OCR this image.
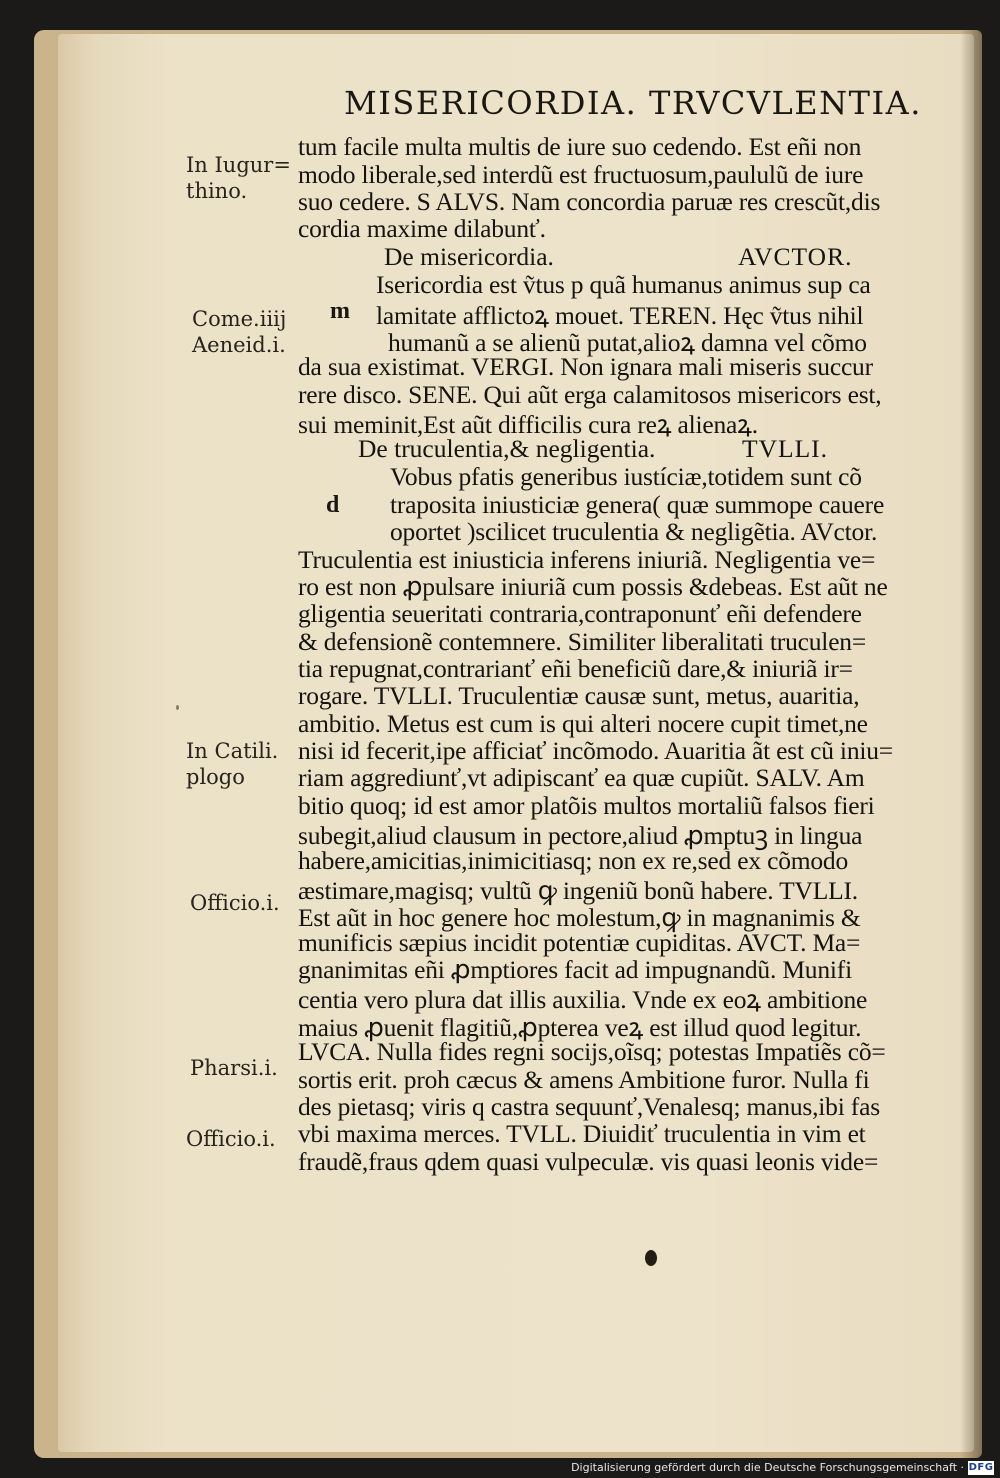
MISERICORDIA. TRVCVLENTIA.
In Iugur=
thino.
Come.iiij
Aeneid.i.
In Catili.
plogo
Officio.i.
Pharsi.i.
Officio.i.
tum facile multa multis de iure suo cedendo. Est eñi non
modo liberale,sed interdũ est fructuosum,paululũ de iure
suo cedere. S ALVS. Nam concordia paruæ res crescũt,dis
cordia maxime dilabunť.
De misericordia.	AVCTOR.
m
Isericordia est ṽtus p quã humanus animus sup ca
lamitate afflictoꝝ mouet. TEREN. Hęc ṽtus nihil
humanũ a se alienũ putat,alioꝝ damna vel cõmo
da sua existimat. VERGI. Non ignara mali miseris succur
rere disco. SENE. Qui aũt erga calamitosos misericors est,
sui meminit,Est aũt difficilis cura reꝝ alienaꝝ.
De truculentia,& negligentia.	TVLLI.
d
Vobus pfatis generibus iustíciæ,totidem sunt cõ
traposita iniusticiæ genera( quæ summope cauere
oportet )scilicet truculentia & negligẽtia. AVctor.
Truculentia est iniusticia inferens iniuriã. Negligentia ve=
ro est non ꝓpulsare iniuriã cum possis &debeas. Est aũt ne
gligentia seueritati contraria,contraponunť eñi defendere
& defensionẽ contemnere. Similiter liberalitati truculen=
tia repugnat,contrarianť eñi beneficiũ dare,& iniuriã ir=
rogare. TVLLI. Truculentiæ causæ sunt, metus, auaritia,
ambitio. Metus est cum is qui alteri nocere cupit timet,ne
nisi id fecerit,ipe afficiať incõmodo. Auaritia ãt est cũ iniu=
riam aggrediunť,vt adipiscanť ea quæ cupiũt. SALV. Am
bitio quoq; id est amor platõis multos mortaliũ falsos fieri
subegit,aliud clausum in pectore,aliud ꝓmptuꝫ in lingua
habere,amicitias,inimicitiasq; non ex re,sed ex cõmodo
æstimare,magisq; vultũ ꝙ ingeniũ bonũ habere. TVLLI.
Est aũt in hoc genere hoc molestum,ꝙ in magnanimis &
munificis sæpius incidit potentiæ cupiditas. AVCT. Ma=
gnanimitas eñi ꝓmptiores facit ad impugnandũ. Munifi
centia vero plura dat illis auxilia. Vnde ex eoꝝ ambitione
maius ꝓuenit flagitiũ,ꝓpterea veꝝ est illud quod legitur.
LVCA. Nulla fides regni socijs,oĩsq; potestas Impatiẽs cõ=
sortis erit. proh cæcus & amens Ambitione furor. Nulla fi
des pietasq; viris q castra sequunť,Venalesq; manus,ibi fas
vbi maxima merces. TVLL. Diuidiť truculentia in vim et
fraudẽ,fraus qdem quasi vulpeculæ. vis quasi leonis vide=
Digitalisierung gefördert durch die Deutsche Forschungsgemeinschaft · DFG
